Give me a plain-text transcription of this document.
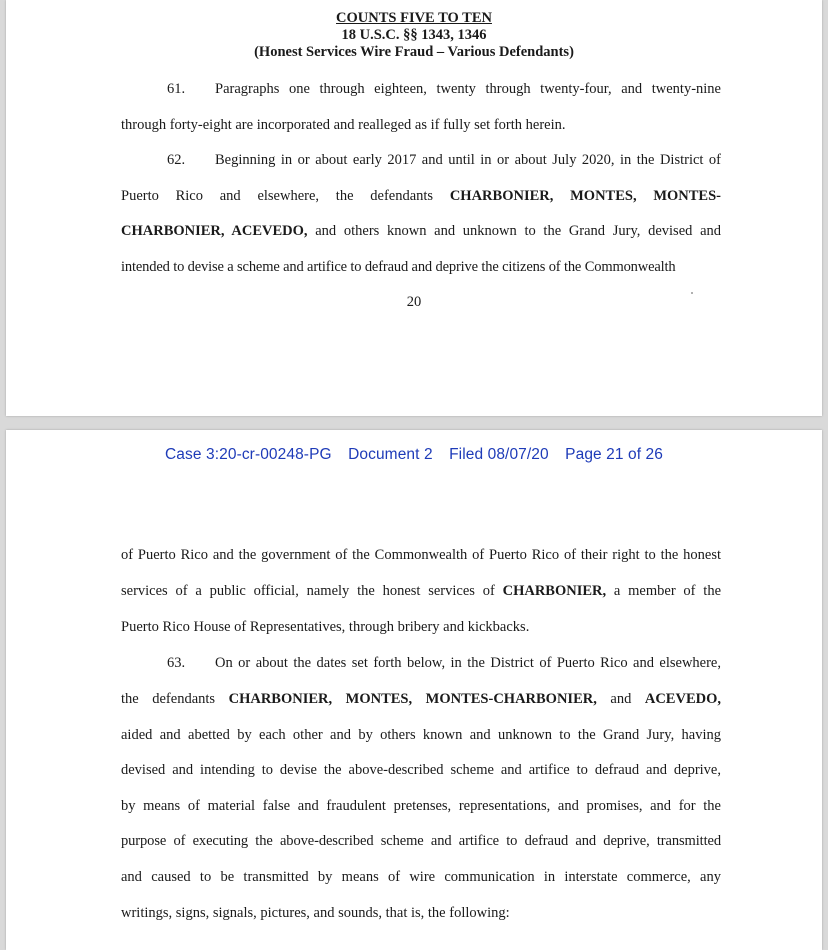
COUNTS FIVE TO TEN
18 U.S.C. §§ 1343, 1346
(Honest Services Wire Fraud – Various Defendants)
61.	Paragraphs one through eighteen, twenty through twenty-four, and twenty-nine
through forty-eight are incorporated and realleged as if fully set forth herein.
62.	Beginning in or about early 2017 and until in or about July 2020, in the District of
Puerto Rico and elsewhere, the defendants CHARBONIER, MONTES, MONTES-
CHARBONIER, ACEVEDO, and others known and unknown to the Grand Jury, devised and
intended to devise a scheme and artifice to defraud and deprive the citizens of the Commonwealth
20
Case 3:20-cr-00248-PG Document 2 Filed 08/07/20 Page 21 of 26
of Puerto Rico and the government of the Commonwealth of Puerto Rico of their right to the honest
services of a public official, namely the honest services of CHARBONIER, a member of the
Puerto Rico House of Representatives, through bribery and kickbacks.
63.	On or about the dates set forth below, in the District of Puerto Rico and elsewhere,
the defendants CHARBONIER, MONTES, MONTES-CHARBONIER, and ACEVEDO,
aided and abetted by each other and by others known and unknown to the Grand Jury, having
devised and intending to devise the above-described scheme and artifice to defraud and deprive,
by means of material false and fraudulent pretenses, representations, and promises, and for the
purpose of executing the above-described scheme and artifice to defraud and deprive, transmitted
and caused to be transmitted by means of wire communication in interstate commerce, any
writings, signs, signals, pictures, and sounds, that is, the following:
